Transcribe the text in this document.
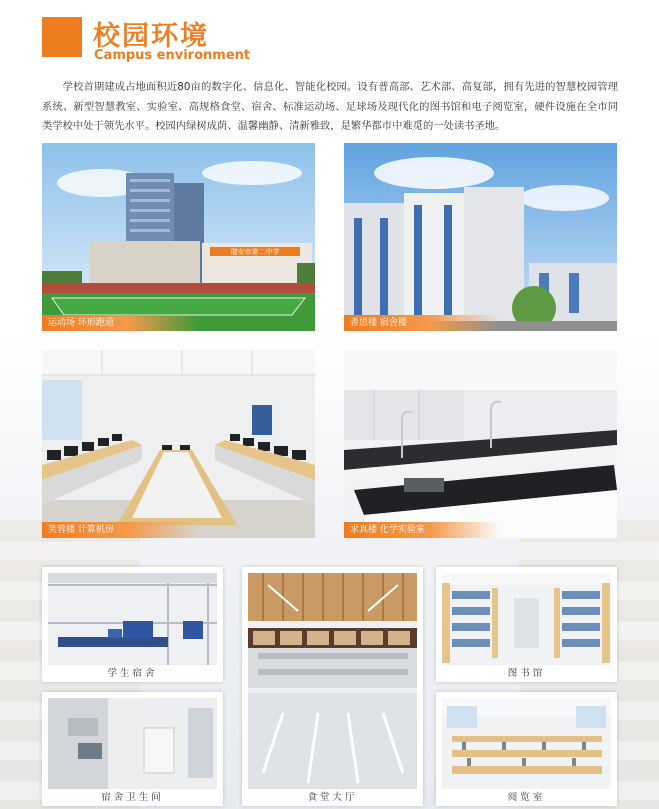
校园环境
Campus environment
学校首期建成占地面积近80亩的数字化、信息化、智能化校园。设有普高部、艺术部、高复部，拥有先进的智慧校园管理系统、新型智慧教室、实验室、高规格食堂、宿舍、标准运动场、足球场及现代化的图书馆和电子阅览室，硬件设施在全市同类学校中处于领先水平。校园内绿树成荫、温馨幽静、清新雅致，是繁华都市中难觅的一处读书圣地。
瑞安市第二中学
运动场 环形跑道	善思楼 宿舍楼
笑蓉楼 计算机房	求真楼 化学实验室
学生宿舍	图书馆
食堂大厅
宿舍卫生间	阅览室
